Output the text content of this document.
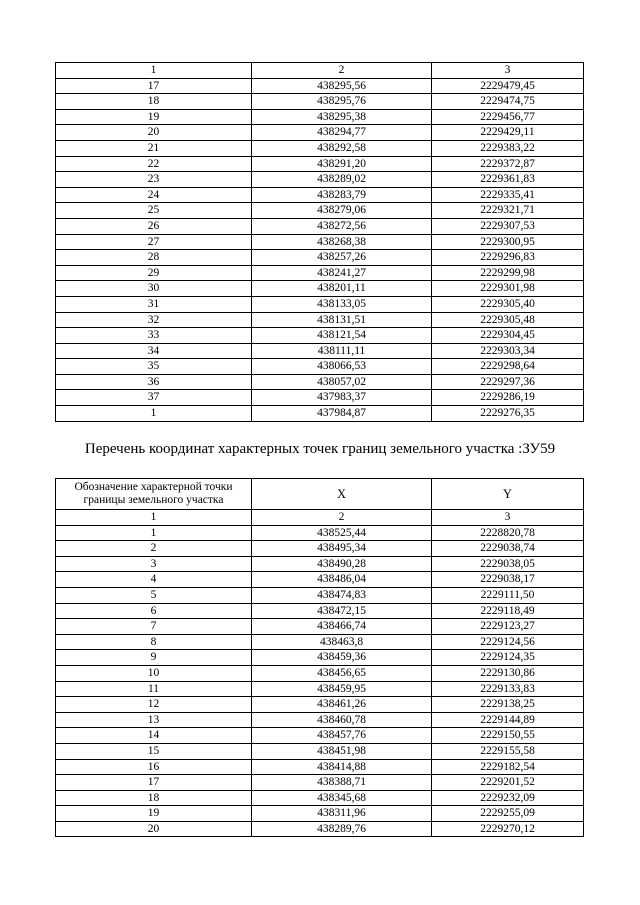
1	2	3
17	438295,56	2229479,45
18	438295,76	2229474,75
19	438295,38	2229456,77
20	438294,77	2229429,11
21	438292,58	2229383,22
22	438291,20	2229372,87
23	438289,02	2229361,83
24	438283,79	2229335,41
25	438279,06	2229321,71
26	438272,56	2229307,53
27	438268,38	2229300,95
28	438257,26	2229296,83
29	438241,27	2229299,98
30	438201,11	2229301,98
31	438133,05	2229305,40
32	438131,51	2229305,48
33	438121,54	2229304,45
34	438111,11	2229303,34
35	438066,53	2229298,64
36	438057,02	2229297,36
37	437983,37	2229286,19
1	437984,87	2229276,35
Перечень координат характерных точек границ земельного участка :ЗУ59
Обозначение характерной точки границы земельного участка	X	Y
1	2	3
1	438525,44	2228820,78
2	438495,34	2229038,74
3	438490,28	2229038,05
4	438486,04	2229038,17
5	438474,83	2229111,50
6	438472,15	2229118,49
7	438466,74	2229123,27
8	438463,8	2229124,56
9	438459,36	2229124,35
10	438456,65	2229130,86
11	438459,95	2229133,83
12	438461,26	2229138,25
13	438460,78	2229144,89
14	438457,76	2229150,55
15	438451,98	2229155,58
16	438414,88	2229182,54
17	438388,71	2229201,52
18	438345,68	2229232,09
19	438311,96	2229255,09
20	438289,76	2229270,12
